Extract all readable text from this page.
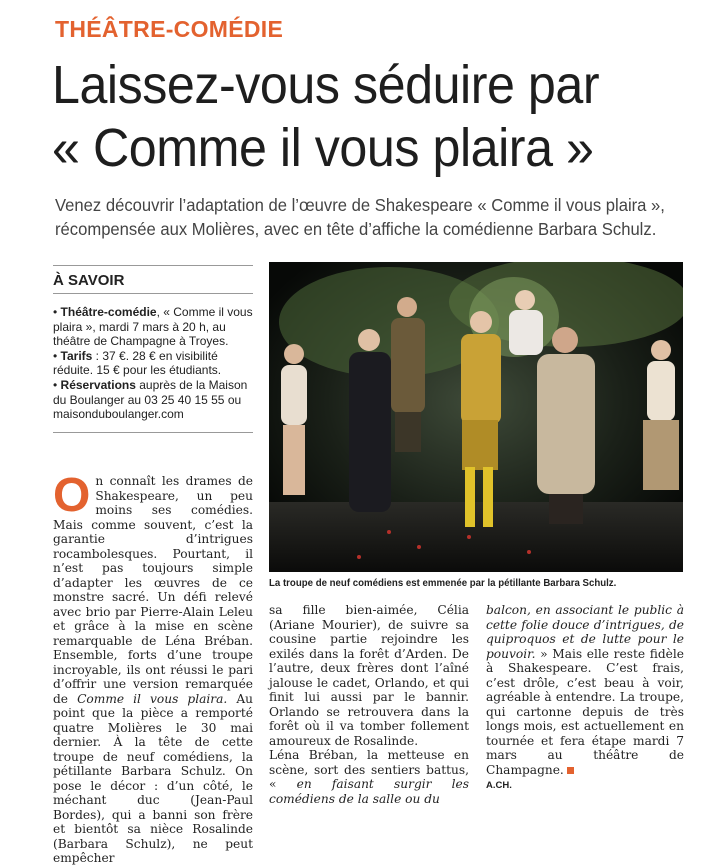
THÉÂTRE-COMÉDIE
Laissez-vous séduire par
« Comme il vous plaira »
Venez découvrir l’adaptation de l’œuvre de Shakespeare « Comme il vous plaira »,
récompensée aux Molières, avec en tête d’affiche la comédienne Barbara Schulz.
À SAVOIR

• Théâtre-comédie, « Comme il vous plaira », mardi 7 mars à 20 h, au théâtre de Champagne à Troyes.

• Tarifs : 37 €. 28 € en visibilité réduite. 15 € pour les étudiants.

• Réservations auprès de la Maison du Boulanger au 03 25 40 15 55 ou maisonduboulanger.com

La troupe de neuf comédiens est emmenée par la pétillante Barbara Schulz.
On connaît les drames de Shakespeare, un peu moins ses comédies. Mais comme souvent, c’est la garantie d’intrigues rocambolesques. Pourtant, il n’est pas toujours simple d’adapter les œuvres de ce monstre sacré. Un défi relevé avec brio par Pierre-Alain Leleu et grâce à la mise en scène remarquable de Léna Bréban. Ensemble, forts d’une troupe incroyable, ils ont réussi le pari d’offrir une version remarquée de Comme il vous plaira. Au point que la pièce a remporté quatre Molières le 30 mai dernier. À la tête de cette troupe de neuf comédiens, la pétillante Barbara Schulz. On pose le décor : d’un côté, le méchant duc (Jean-Paul Bordes), qui a banni son frère et bientôt sa nièce Rosalinde (Barbara Schulz), ne peut empêcher

sa fille bien-aimée, Célia (Ariane Mourier), de suivre sa cousine partie rejoindre les exilés dans la forêt d’Arden. De l’autre, deux frères dont l’aîné jalouse le cadet, Orlando, et qui finit lui aussi par le bannir. Orlando se retrouvera dans la forêt où il va tomber follement amoureux de Rosalinde.

Léna Bréban, la metteuse en scène, sort des sentiers battus, « en faisant surgir les comédiens de la salle ou du

balcon, en associant le public à cette folie douce d’intrigues, de quiproquos et de lutte pour le pouvoir. » Mais elle reste fidèle à Shakespeare. C’est frais, c’est drôle, c’est beau à voir, agréable à entendre. La troupe, qui cartonne depuis de très longs mois, est actuellement en tournée et fera étape mardi 7 mars au théâtre de Champagne.
A.CH.
